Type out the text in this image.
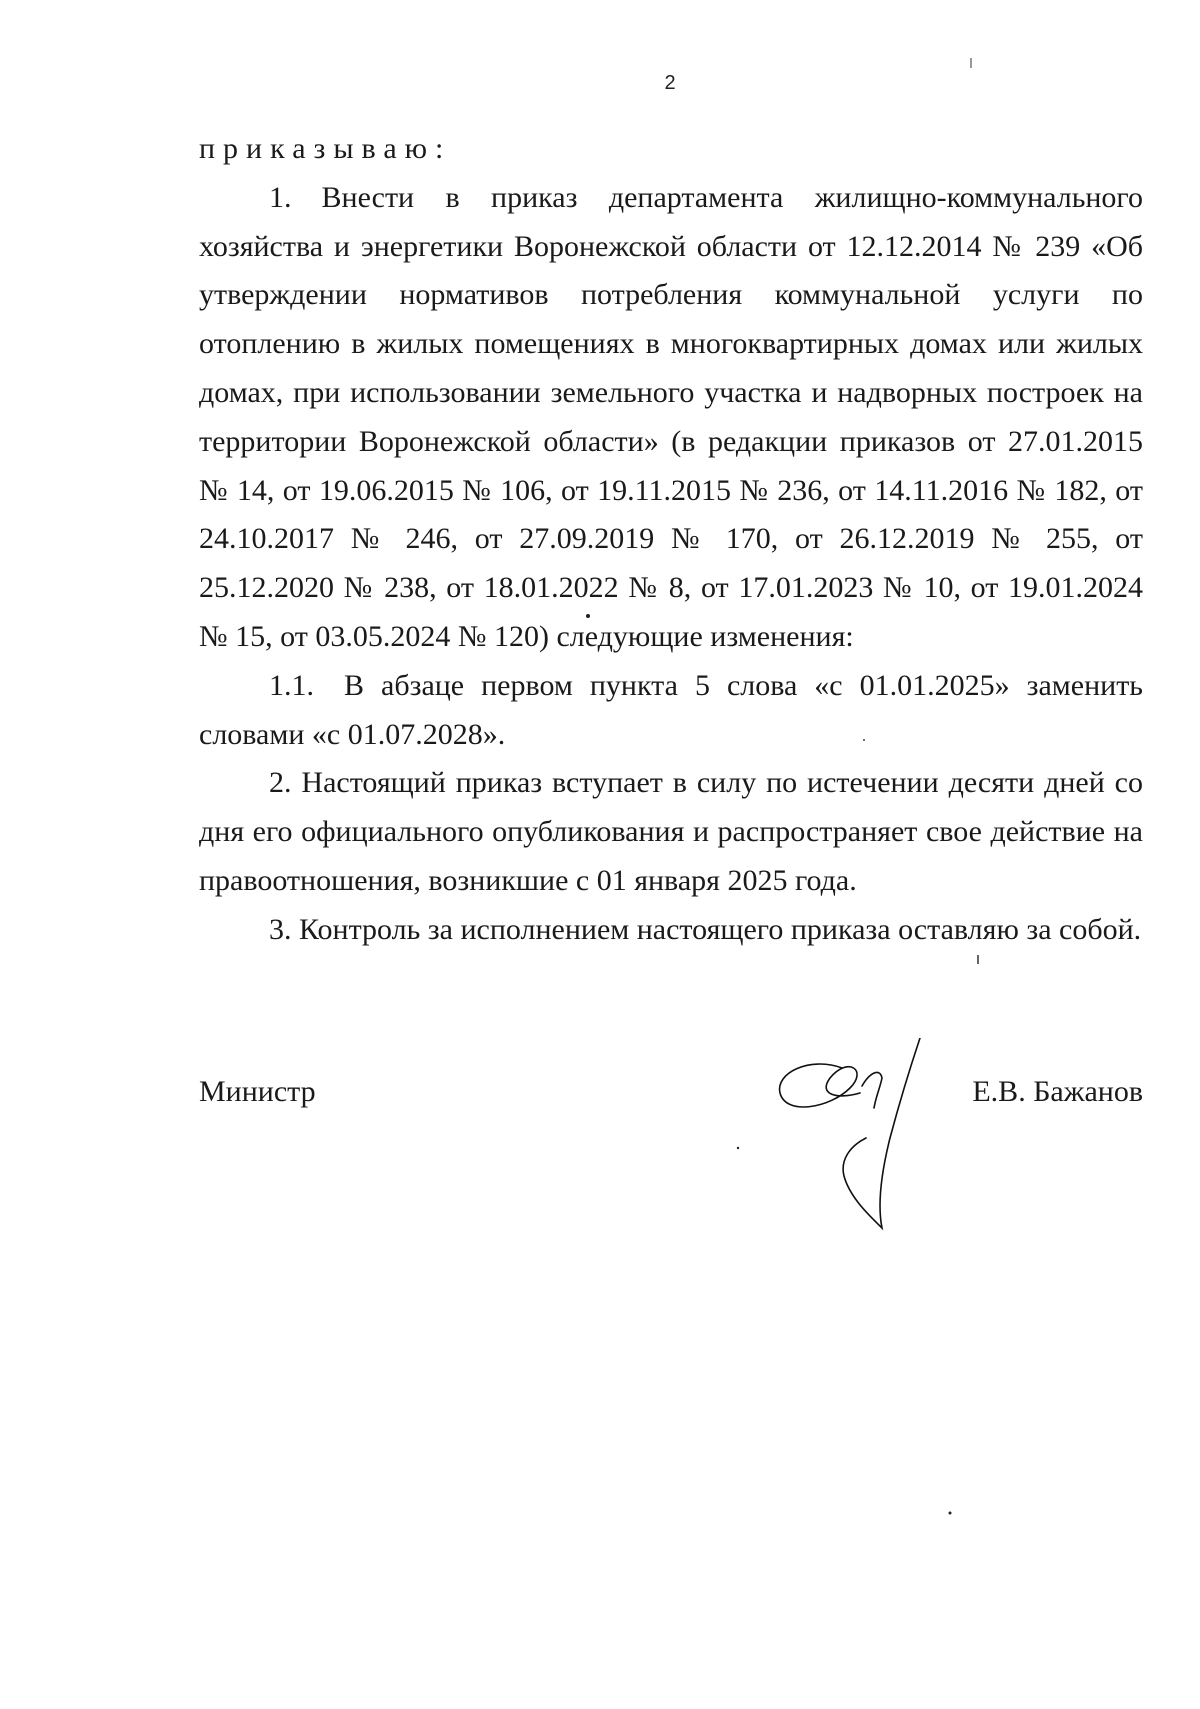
2

приказываю:

1. Внести в приказ департамента жилищно-коммунального хозяйства и энергетики Воронежской области от 12.12.2014 № 239 «Об утверждении нормативов потребления коммунальной услуги по отоплению в жилых помещениях в многоквартирных домах или жилых домах, при использовании земельного участка и надворных построек на территории Воронежской области» (в редакции приказов от 27.01.2015 № 14, от 19.06.2015 № 106, от 19.11.2015 № 236, от 14.11.2016 № 182, от 24.10.2017 № 246, от 27.09.2019 № 170, от 26.12.2019 № 255, от 25.12.2020 № 238, от 18.01.2022 № 8, от 17.01.2023 № 10, от 19.01.2024 № 15, от 03.05.2024 № 120) следующие изменения:

1.1. В абзаце первом пункта 5 слова «с 01.01.2025» заменить словами «с 01.07.2028».

2. Настоящий приказ вступает в силу по истечении десяти дней со дня его официального опубликования и распространяет свое действие на правоотношения, возникшие с 01 января 2025 года.

3. Контроль за исполнением настоящего приказа оставляю за собой.

Министр	Е.В. Бажанов
